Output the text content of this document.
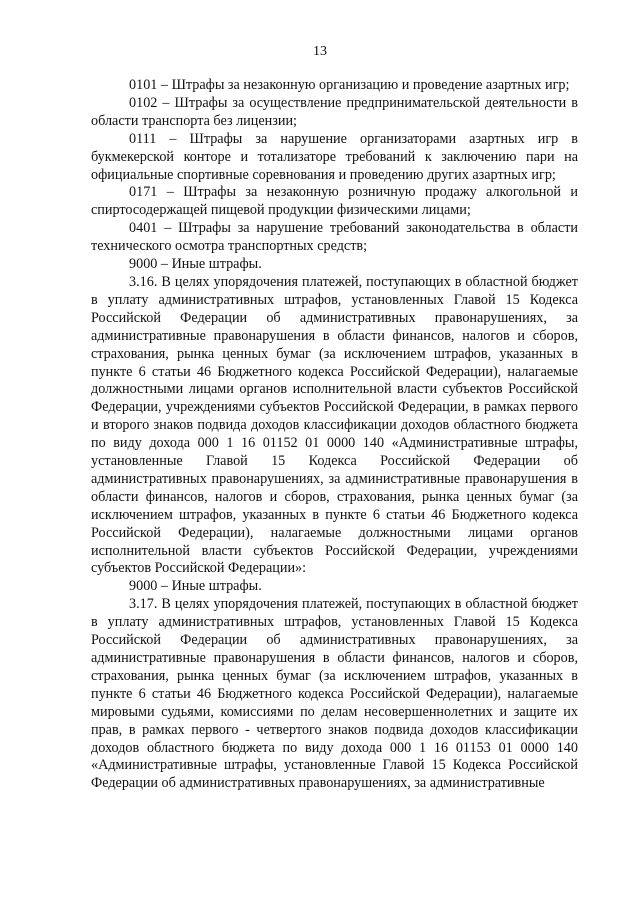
13

0101 – Штрафы за незаконную организацию и проведение азартных игр;

0102 – Штрафы за осуществление предпринимательской деятельности в области транспорта без лицензии;

0111 – Штрафы за нарушение организаторами азартных игр в букмекерской конторе и тотализаторе требований к заключению пари на официальные спортивные соревнования и проведению других азартных игр;

0171 – Штрафы за незаконную розничную продажу алкогольной и спиртосодержащей пищевой продукции физическими лицами;

0401 – Штрафы за нарушение требований законодательства в области технического осмотра транспортных средств;

9000 – Иные штрафы.

3.16. В целях упорядочения платежей, поступающих в областной бюджет в уплату административных штрафов, установленных Главой 15 Кодекса Российской Федерации об административных правонарушениях, за административные правонарушения в области финансов, налогов и сборов, страхования, рынка ценных бумаг (за исключением штрафов, указанных в пункте 6 статьи 46 Бюджетного кодекса Российской Федерации), налагаемые должностными лицами органов исполнительной власти субъектов Российской Федерации, учреждениями субъектов Российской Федерации, в рамках первого и второго знаков подвида доходов классификации доходов областного бюджета по виду дохода 000 1 16 01152 01 0000 140 «Административные штрафы, установленные Главой 15 Кодекса Российской Федерации об административных правонарушениях, за административные правонарушения в области финансов, налогов и сборов, страхования, рынка ценных бумаг (за исключением штрафов, указанных в пункте 6 статьи 46 Бюджетного кодекса Российской Федерации), налагаемые должностными лицами органов исполнительной власти субъектов Российской Федерации, учреждениями субъектов Российской Федерации»:

9000 – Иные штрафы.

3.17. В целях упорядочения платежей, поступающих в областной бюджет в уплату административных штрафов, установленных Главой 15 Кодекса Российской Федерации об административных правонарушениях, за административные правонарушения в области финансов, налогов и сборов, страхования, рынка ценных бумаг (за исключением штрафов, указанных в пункте 6 статьи 46 Бюджетного кодекса Российской Федерации), налагаемые мировыми судьями, комиссиями по делам несовершеннолетних и защите их прав, в рамках первого - четвертого знаков подвида доходов классификации доходов областного бюджета по виду дохода 000 1 16 01153 01 0000 140 «Административные штрафы, установленные Главой 15 Кодекса Российской Федерации об административных правонарушениях, за административные
